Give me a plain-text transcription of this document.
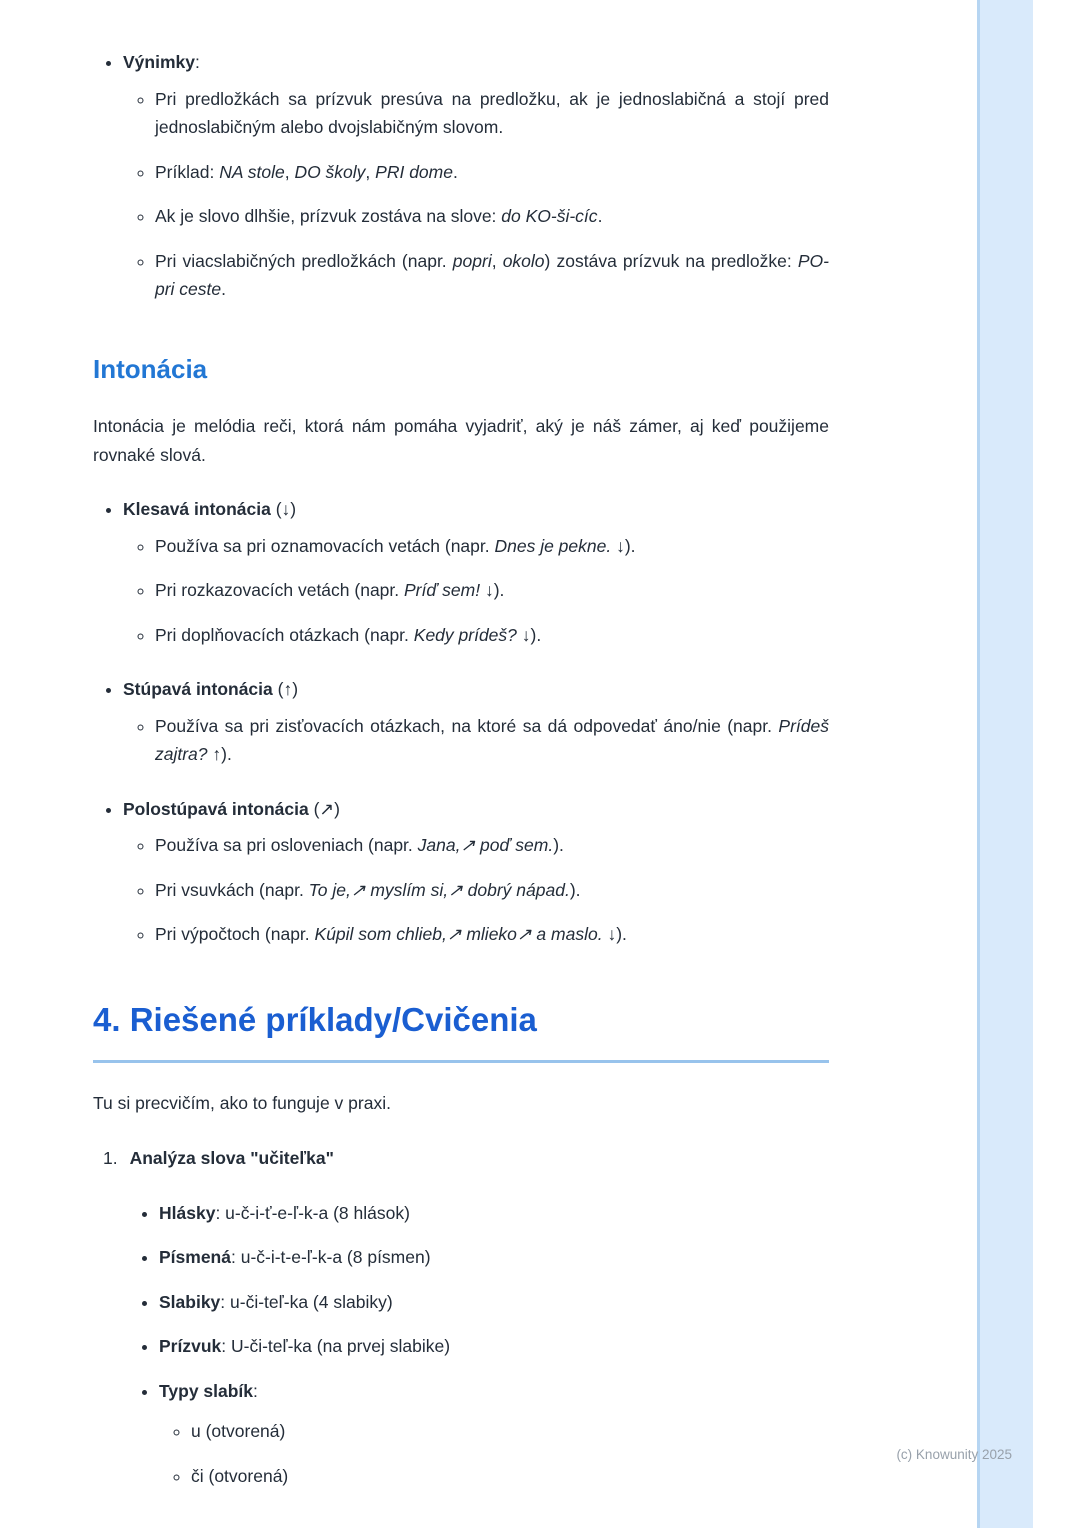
• Výnimky:
◦ Pri predložkách sa prízvuk presúva na predložku, ak je jednoslabičná a stojí pred jednoslabičným alebo dvojslabičným slovom.
◦ Príklad: NA stole, DO školy, PRI dome.
◦ Ak je slovo dlhšie, prízvuk zostáva na slove: do KO-ši-cíc.
◦ Pri viacslabičných predložkách (napr. popri, okolo) zostáva prízvuk na predložke: PO-pri ceste.
Intonácia

Intonácia je melódia reči, ktorá nám pomáha vyjadriť, aký je náš zámer, aj keď použijeme rovnaké slová.

• Klesavá intonácia (↓)
◦ Používa sa pri oznamovacích vetách (napr. Dnes je pekne. ↓).
◦ Pri rozkazovacích vetách (napr. Príď sem! ↓).
◦ Pri doplňovacích otázkach (napr. Kedy prídeš? ↓).
• Stúpavá intonácia (↑)
◦ Používa sa pri zisťovacích otázkach, na ktoré sa dá odpovedať áno/nie (napr. Prídeš zajtra? ↑).
• Polostúpavá intonácia (↗)
◦ Používa sa pri osloveniach (napr. Jana,↗ poď sem.).
◦ Pri vsuvkách (napr. To je,↗ myslím si,↗ dobrý nápad.).
◦ Pri výpočtoch (napr. Kúpil som chlieb,↗ mlieko↗ a maslo. ↓).
4. Riešené príklady/Cvičenia

Tu si precvičím, ako to funguje v praxi.

1. Analýza slova "učiteľka"
• Hlásky: u-č-i-ť-e-ľ-k-a (8 hlások)
• Písmená: u-č-i-t-e-ľ-k-a (8 písmen)
• Slabiky: u-či-teľ-ka (4 slabiky)
• Prízvuk: U-či-teľ-ka (na prvej slabike)
• Typy slabík:
◦ u (otvorená)
◦ či (otvorená)
(c) Knowunity 2025
